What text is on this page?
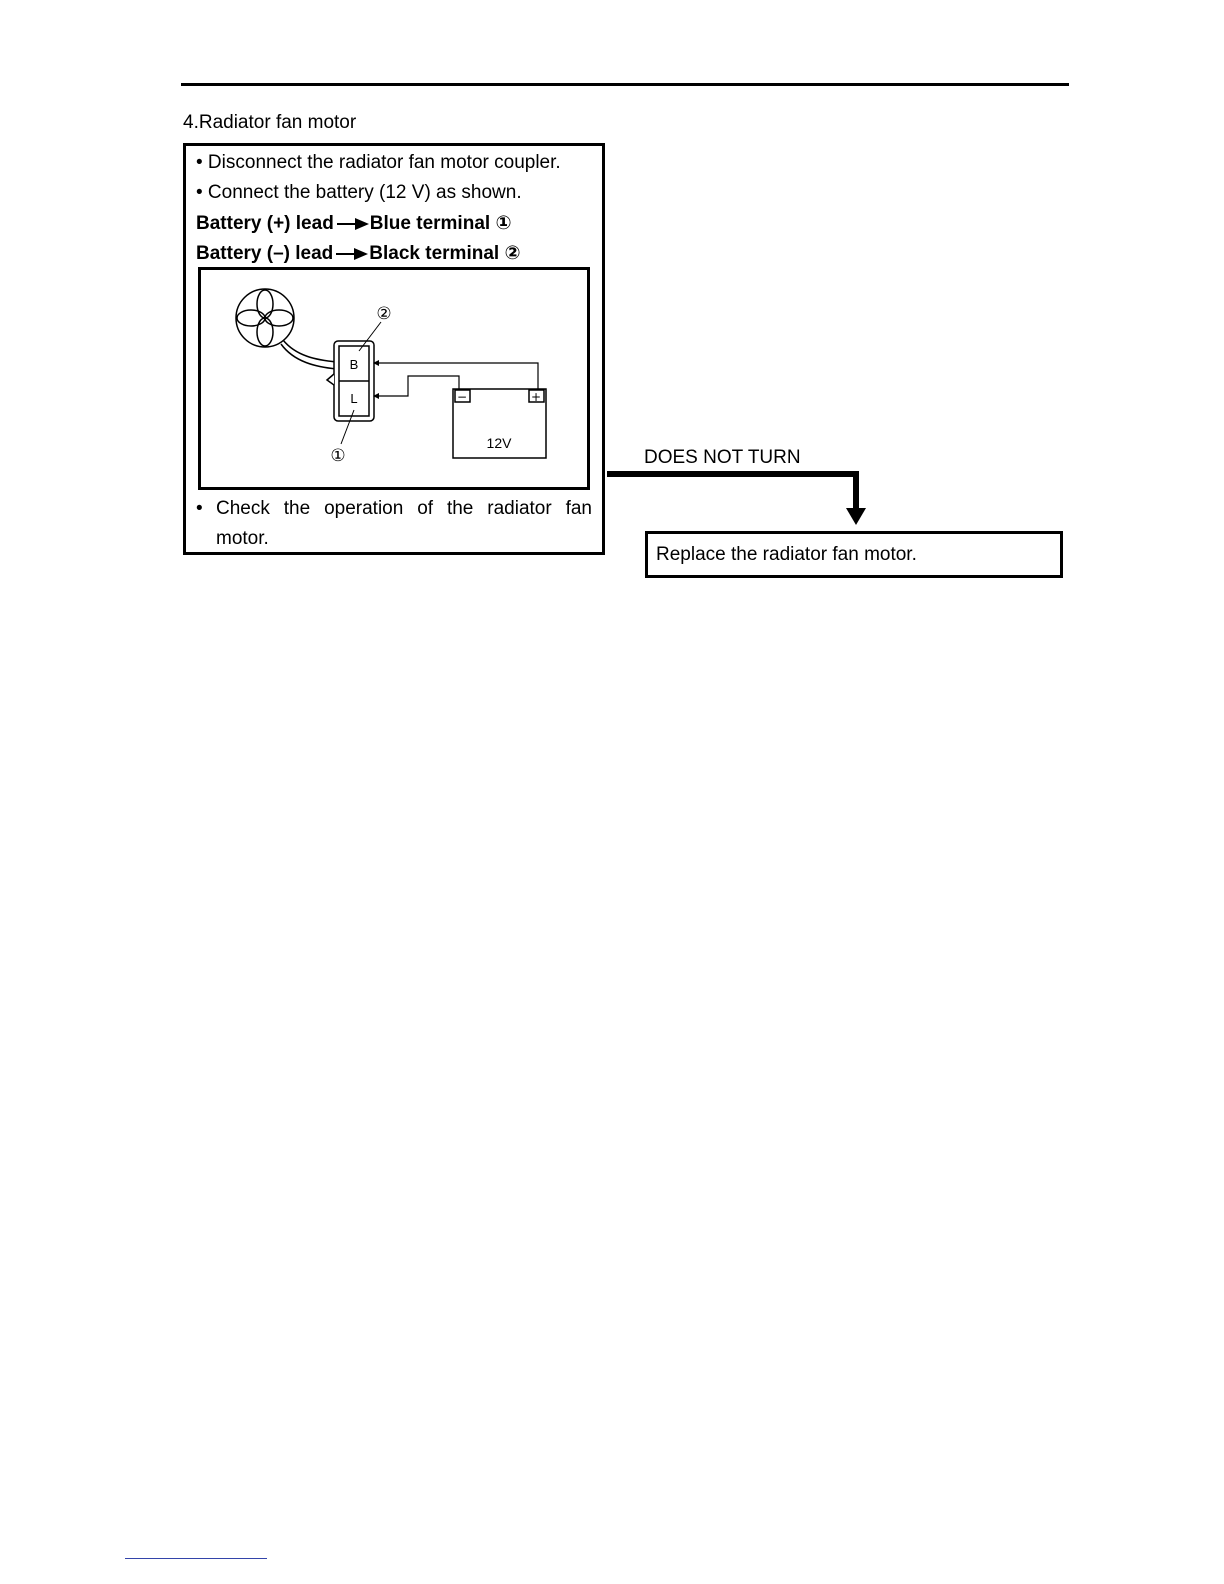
4.Radiator fan motor
• Disconnect the radiator fan motor coupler.
• Connect the battery (12 V) as shown.
Battery (+) lead Blue terminal ①
Battery (–) lead Black terminal ②
B
L
②
①
−	+
12V
• Check the operation of the radiator fan motor.
DOES NOT TURN
Replace the radiator fan motor.
